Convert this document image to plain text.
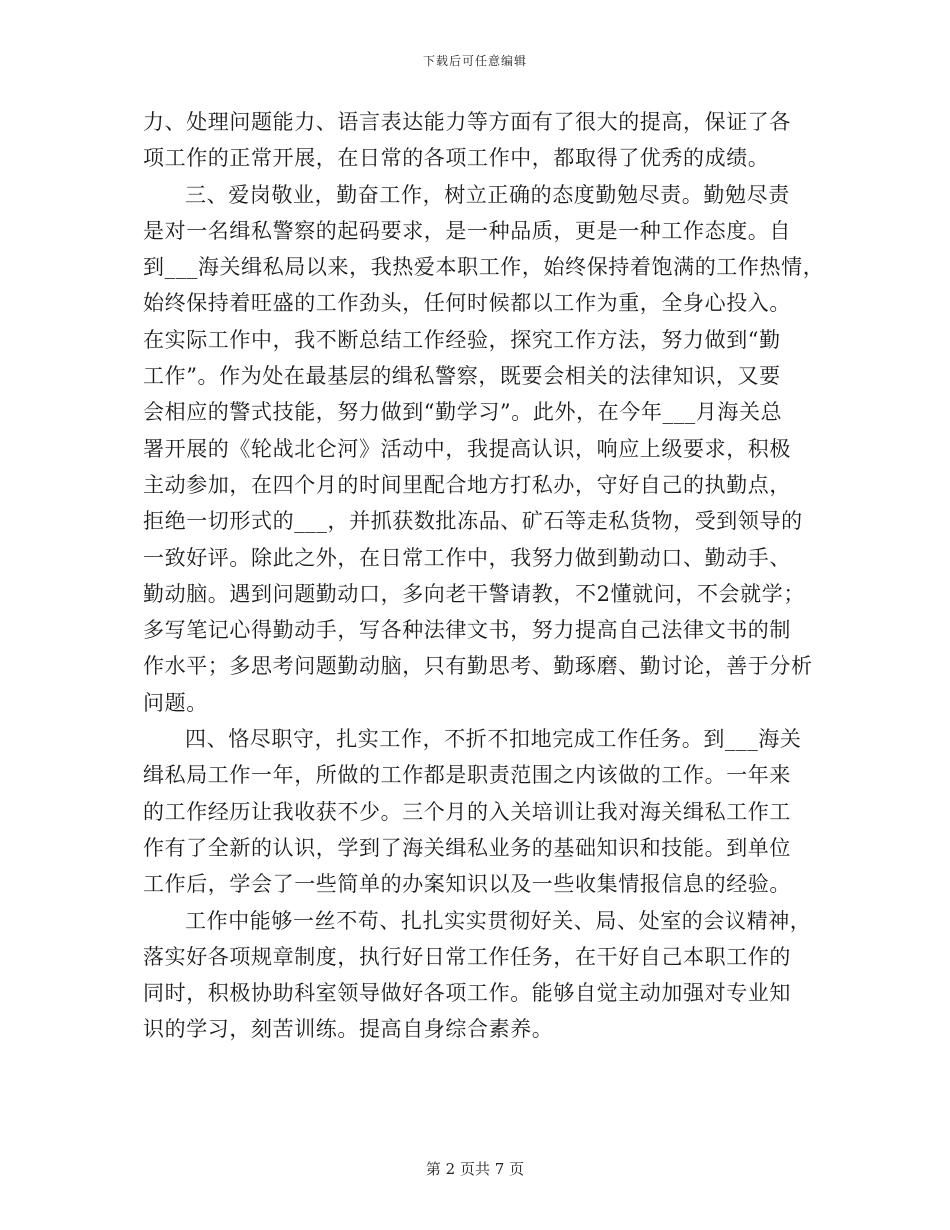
下载后可任意编辑
力、处理问题能力、语言表达能力等方面有了很大的提高，保证了各
项工作的正常开展，在日常的各项工作中，都取得了优秀的成绩。
三、爱岗敬业，勤奋工作，树立正确的态度勤勉尽责。勤勉尽责
是对一名缉私警察的起码要求，是一种品质，更是一种工作态度。自
到___海关缉私局以来，我热爱本职工作，始终保持着饱满的工作热情，
始终保持着旺盛的工作劲头，任何时候都以工作为重，全身心投入。
在实际工作中，我不断总结工作经验，探究工作方法，努力做到“勤
工作”。作为处在最基层的缉私警察，既要会相关的法律知识，又要
会相应的警式技能，努力做到“勤学习”。此外，在今年___月海关总
署开展的《轮战北仑河》活动中，我提高认识，响应上级要求，积极
主动参加，在四个月的时间里配合地方打私办，守好自己的执勤点，
拒绝一切形式的___，并抓获数批冻品、矿石等走私货物，受到领导的
一致好评。除此之外，在日常工作中，我努力做到勤动口、勤动手、
勤动脑。遇到问题勤动口，多向老干警请教，不2懂就问，不会就学；
多写笔记心得勤动手，写各种法律文书，努力提高自己法律文书的制
作水平；多思考问题勤动脑，只有勤思考、勤琢磨、勤讨论，善于分析
问题。
四、恪尽职守，扎实工作，不折不扣地完成工作任务。到___海关
缉私局工作一年，所做的工作都是职责范围之内该做的工作。一年来
的工作经历让我收获不少。三个月的入关培训让我对海关缉私工作工
作有了全新的认识，学到了海关缉私业务的基础知识和技能。到单位
工作后，学会了一些简单的办案知识以及一些收集情报信息的经验。
工作中能够一丝不苟、扎扎实实贯彻好关、局、处室的会议精神，
落实好各项规章制度，执行好日常工作任务，在干好自己本职工作的
同时，积极协助科室领导做好各项工作。能够自觉主动加强对专业知
识的学习，刻苦训练。提高自身综合素养。
第 2 页共 7 页
